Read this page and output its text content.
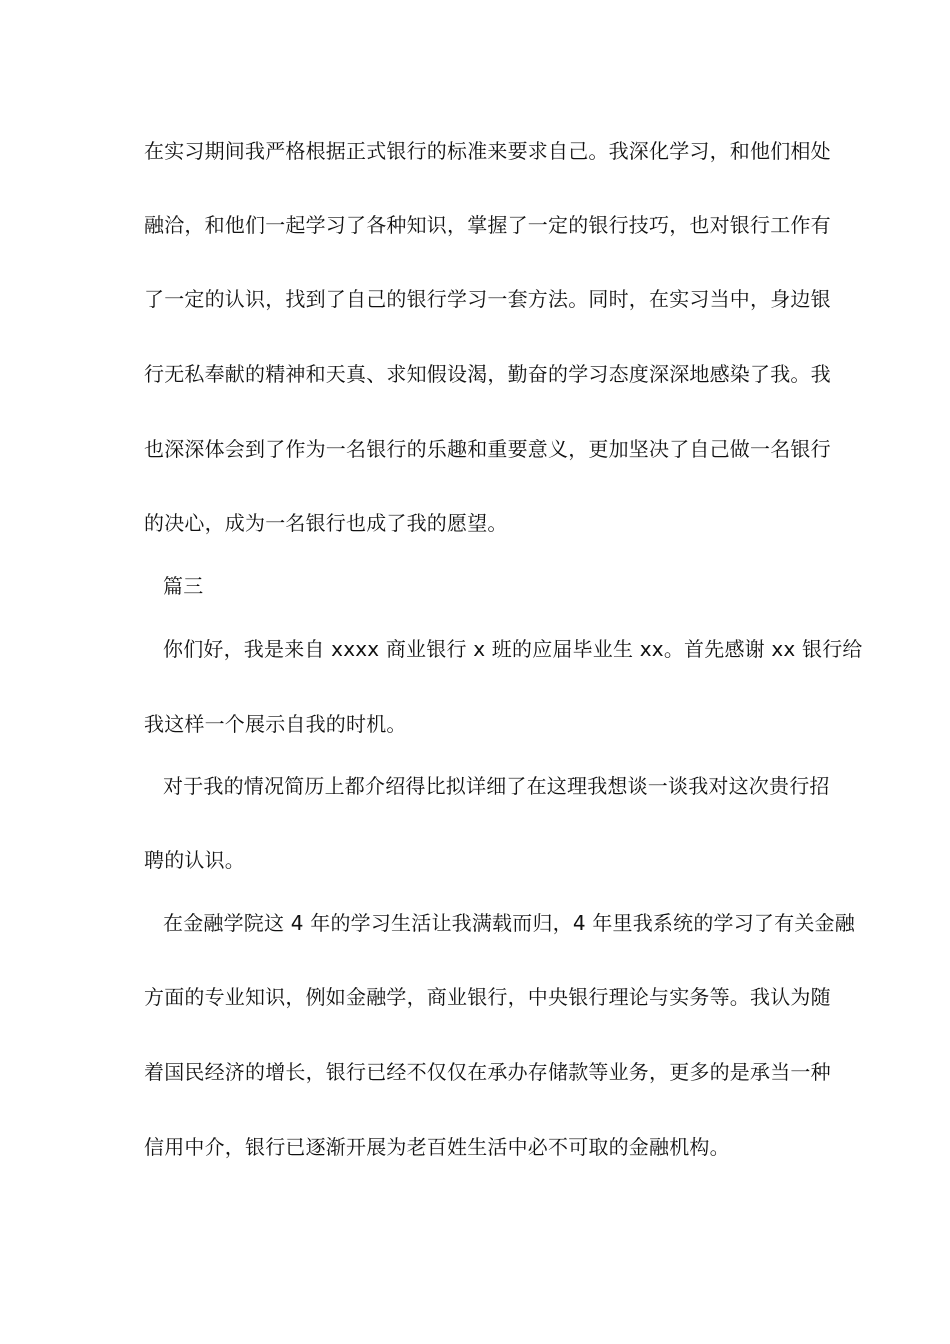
在实习期间我严格根据正式银行的标准来要求自己。我深化学习，和他们相处
融洽，和他们一起学习了各种知识，掌握了一定的银行技巧，也对银行工作有
了一定的认识，找到了自己的银行学习一套方法。同时，在实习当中，身边银
行无私奉献的精神和天真、求知假设渴，勤奋的学习态度深深地感染了我。我
也深深体会到了作为一名银行的乐趣和重要意义，更加坚决了自己做一名银行
的决心，成为一名银行也成了我的愿望。
篇三
你们好，我是来自 xxxx 商业银行 x 班的应届毕业生 xx。首先感谢 xx 银行给
我这样一个展示自我的时机。
对于我的情况简历上都介绍得比拟详细了在这理我想谈一谈我对这次贵行招
聘的认识。
在金融学院这 4 年的学习生活让我满载而归，4 年里我系统的学习了有关金融
方面的专业知识，例如金融学，商业银行，中央银行理论与实务等。我认为随
着国民经济的增长，银行已经不仅仅在承办存储款等业务，更多的是承当一种
信用中介，银行已逐渐开展为老百姓生活中必不可取的金融机构。
